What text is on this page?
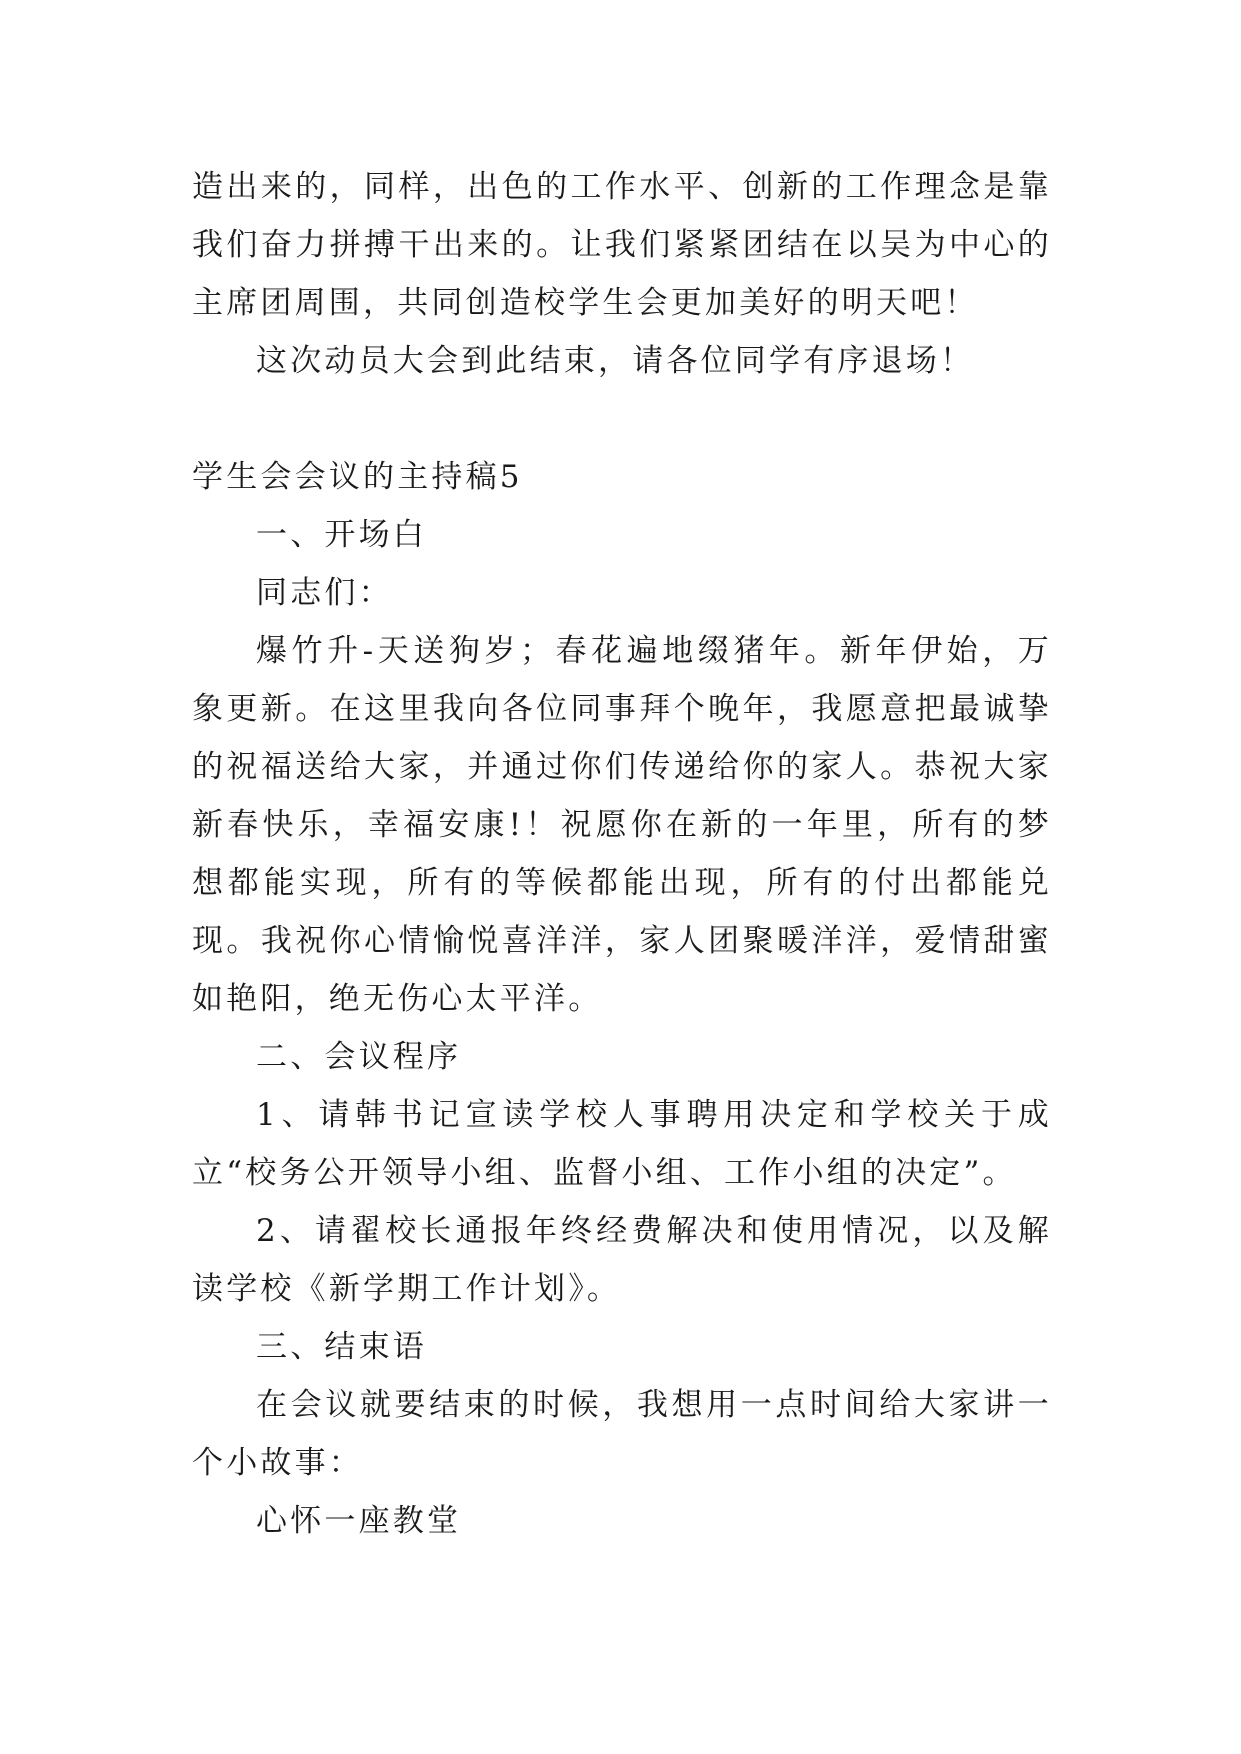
造出来的，同样，出色的工作水平、创新的工作理念是靠我们奋力拼搏干出来的。让我们紧紧团结在以吴为中心的主席团周围，共同创造校学生会更加美好的明天吧！

这次动员大会到此结束，请各位同学有序退场！

学生会会议的主持稿5

一、开场白

同志们：

爆竹升-天送狗岁；春花遍地缀猪年。新年伊始，万象更新。在这里我向各位同事拜个晚年，我愿意把最诚挚的祝福送给大家，并通过你们传递给你的家人。恭祝大家新春快乐，幸福安康!！祝愿你在新的一年里，所有的梦想都能实现，所有的等候都能出现，所有的付出都能兑现。我祝你心情愉悦喜洋洋，家人团聚暖洋洋，爱情甜蜜如艳阳，绝无伤心太平洋。

二、会议程序

1、请韩书记宣读学校人事聘用决定和学校关于成立“校务公开领导小组、监督小组、工作小组的决定”。

2、请翟校长通报年终经费解决和使用情况，以及解读学校《新学期工作计划》。

三、结束语

在会议就要结束的时候，我想用一点时间给大家讲一个小故事：

心怀一座教堂
